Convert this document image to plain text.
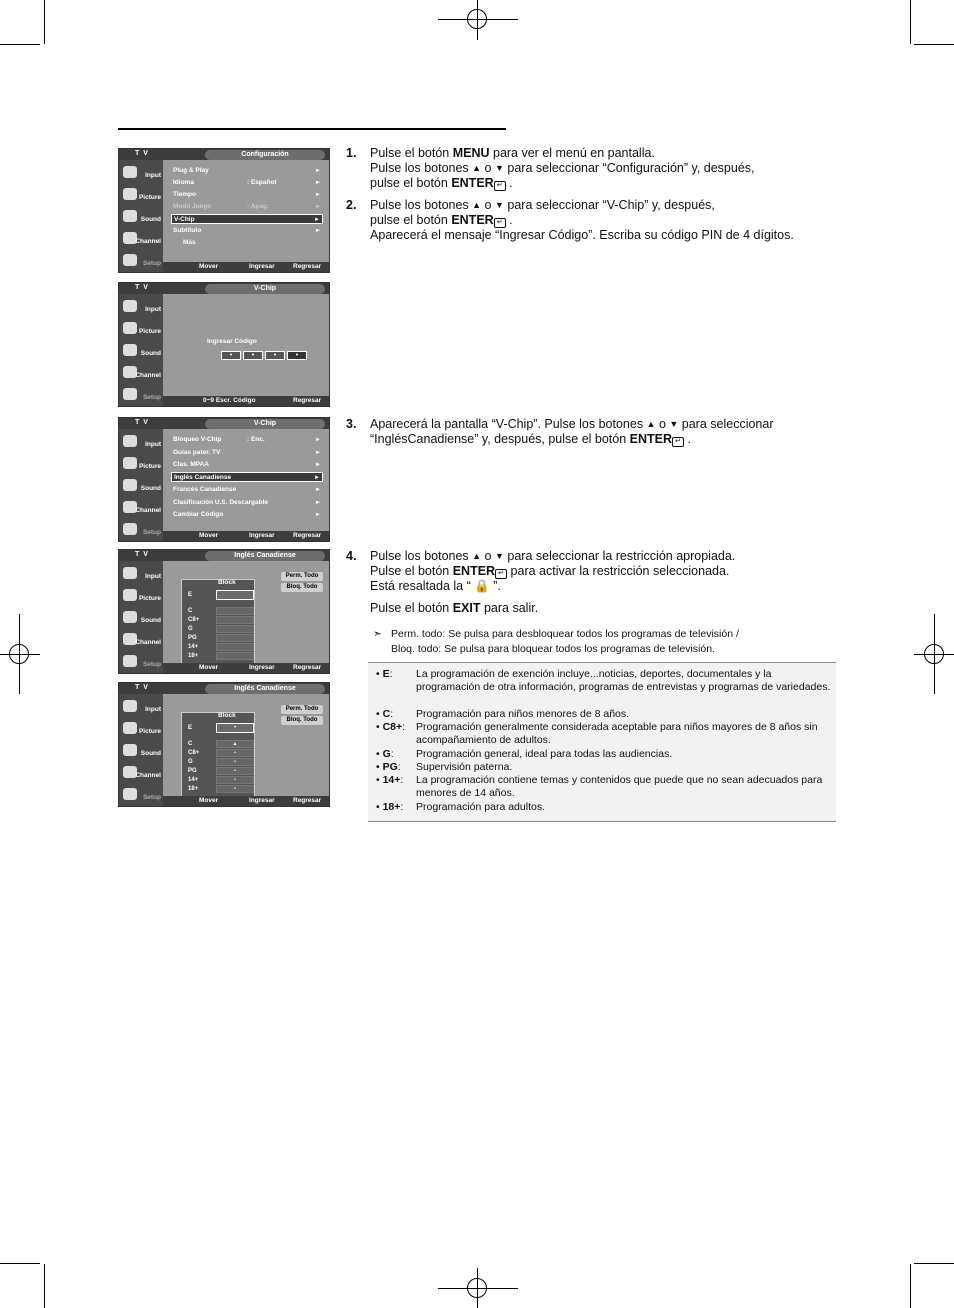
T V	Configuración
Input
Picture
Sound
Channel
Setup
Plug & Play	►
Idioma	: Español	►
Tiempo	►
Modo Juego	: Apag.	►
V-Chip	►
Subtítulo	►
Más
Mover	Ingresar	Regresar
T V	V-Chip
Input
Picture
Sound
Channel
Setup
Ingresar Código
•	•	•	•
0~9 Escr. Código	Regresar
T V	V-Chip
Input
Picture
Sound
Channel
Setup
Bloqueo V-Chip	: Enc.	►
Guías pater. TV	►
Clas. MPAA	►
Inglés Canadiense	►
Francés Canadiense	►
Clasificación U.S. Descargable	►
Cambiar Código	►
Mover	Ingresar	Regresar
T V	Inglés Canadiense
Input
Picture
Sound
Channel
Setup
Block
E
C
C8+
G
PG
14+
18+
Perm. Todo
Bloq. Todo
Mover	Ingresar	Regresar
T V	Inglés Canadiense
Input
Picture
Sound
Channel
Setup
Block
E	•
C	▲
C8+	•
G	•
PG	•
14+	•
18+	•
Perm. Todo
Bloq. Todo
Mover	Ingresar	Regresar
1. Pulse el botón MENU para ver el menú en pantalla.
Pulse los botones ▲ o ▼ para seleccionar “Configuración” y, después,
pulse el botón ENTER ↵ .
2. Pulse los botones ▲ o ▼ para seleccionar “V-Chip” y, después,
pulse el botón ENTER ↵ .
Aparecerá el mensaje “Ingresar Código”. Escriba su código PIN de 4 dígitos.
3. Aparecerá la pantalla “V-Chip”. Pulse los botones ▲ o ▼ para seleccionar
“InglésCanadiense” y, después, pulse el botón ENTER ↵ .
4. Pulse los botones ▲ o ▼ para seleccionar la restricción apropiada.
Pulse el botón ENTER ↵ para activar la restricción seleccionada.
Está resaltada la “ 🔒 ”.
Pulse el botón EXIT para salir.
➣ Perm. todo: Se pulsa para desbloquear todos los programas de televisión /
Bloq. todo: Se pulsa para bloquear todos los programas de televisión.
• E: La programación de exención incluye...noticias, deportes, documentales y la programación de otra información, programas de entrevistas y programas de variedades.
• C: Programación para niños menores de 8 años.
• C8+: Programación generalmente considerada aceptable para niños mayores de 8 años sin acompañamiento de adultos.
• G: Programación general, ideal para todas las audiencias.
• PG: Supervisión paterna.
• 14+: La programación contiene temas y contenidos que puede que no sean adecuados para menores de 14 años.
• 18+: Programación para adultos.
